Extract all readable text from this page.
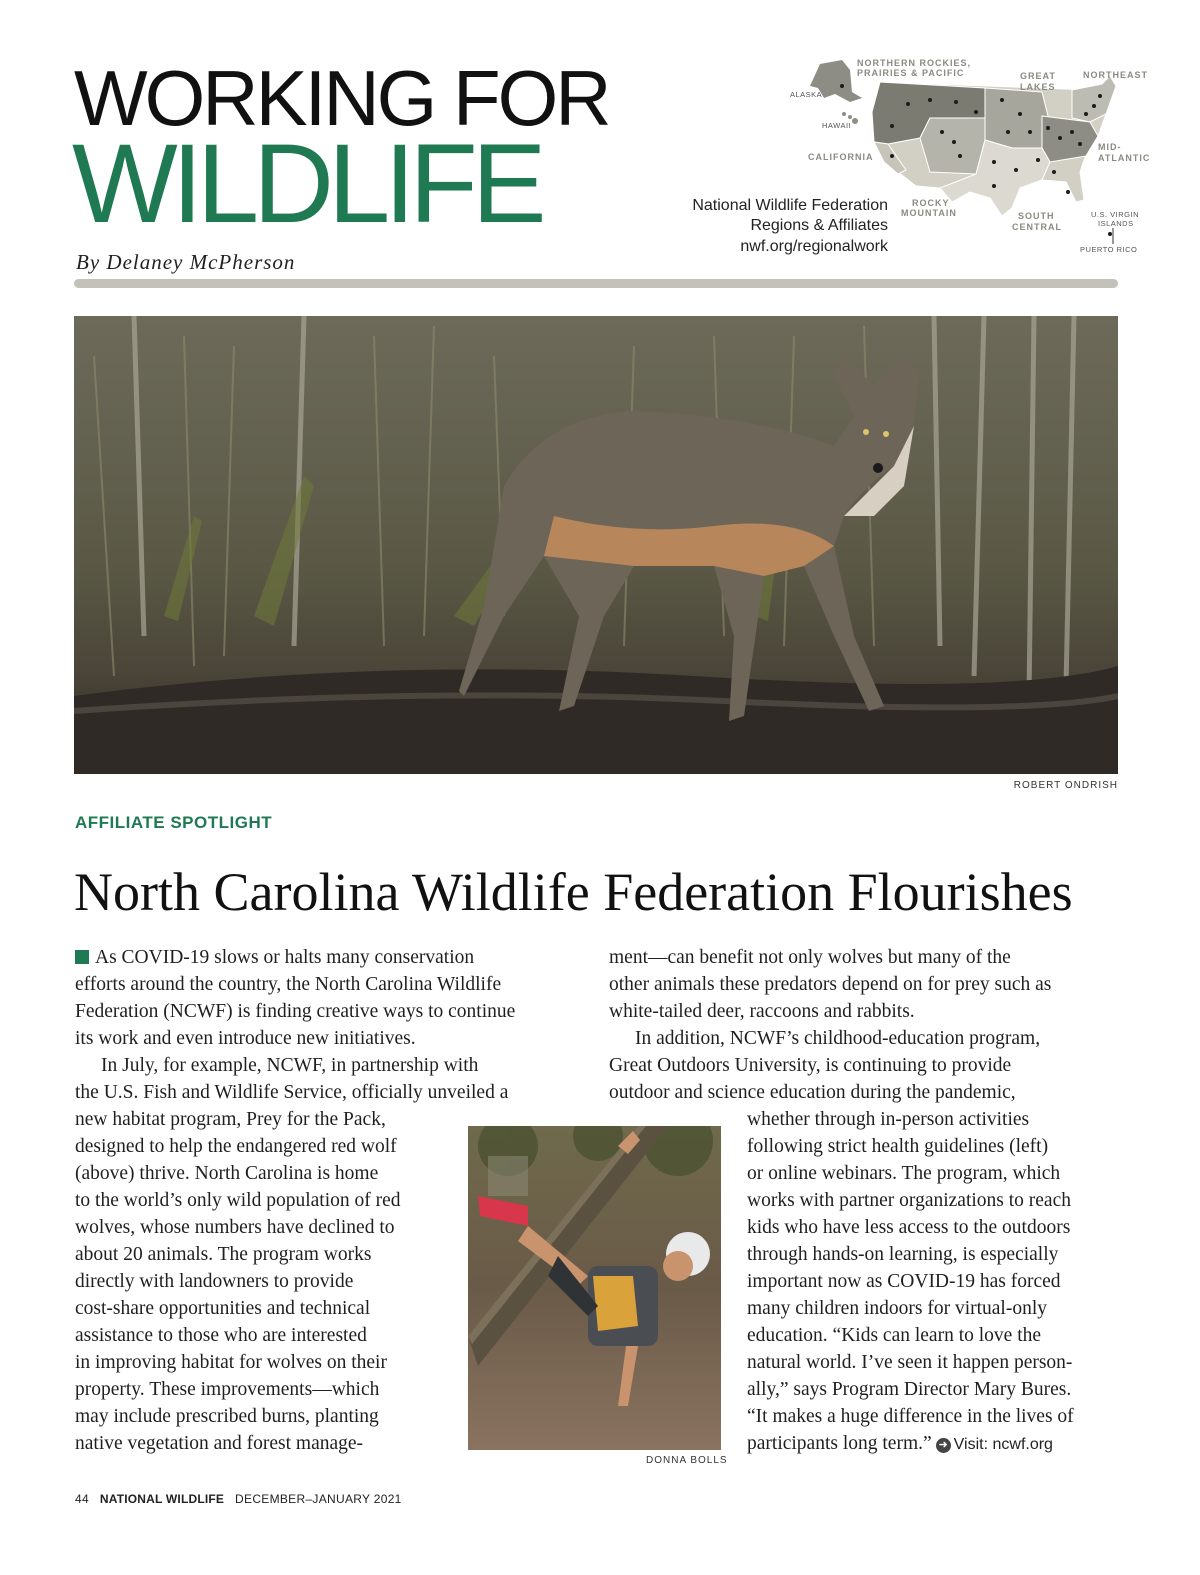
WORKING FOR
WILDLIFE
By Delaney McPherson
National Wildlife Federation
Regions & Affiliates
nwf.org/regionalwork
NORTHERN ROCKIES,
PRAIRIES & PACIFIC	GREAT
LAKES
NORTHEAST
ALASKA
HAWAII
CALIFORNIA
MID-
ATLANTIC
ROCKY
MOUNTAIN	SOUTH
CENTRAL
U.S. VIRGIN
ISLANDS
PUERTO RICO
ROBERT ONDRISH
AFFILIATE SPOTLIGHT
North Carolina Wildlife Federation Flourishes

As COVID-19 slows or halts many conservation

efforts around the country, the North Carolina Wildlife

Federation (NCWF) is finding creative ways to continue

its work and even introduce new initiatives.

In July, for example, NCWF, in partnership with

the U.S. Fish and Wildlife Service, officially unveiled a

new habitat program, Prey for the Pack,

designed to help the endangered red wolf

(above) thrive. North Carolina is home

to the world’s only wild population of red

wolves, whose numbers have declined to

about 20 animals. The program works

directly with landowners to provide

cost-share opportunities and technical

assistance to those who are interested

in improving habitat for wolves on their

property. These improvements—which

may include prescribed burns, planting

native vegetation and forest manage-

ment—can benefit not only wolves but many of the

other animals these predators depend on for prey such as

white-tailed deer, raccoons and rabbits.

In addition, NCWF’s childhood-education program,

Great Outdoors University, is continuing to provide

outdoor and science education during the pandemic,

whether through in-person activities

following strict health guidelines (left)

or online webinars. The program, which

works with partner organizations to reach

kids who have less access to the outdoors

through hands-on learning, is especially

important now as COVID-19 has forced

many children indoors for virtual-only

education. “Kids can learn to love the

natural world. I’ve seen it happen person-

ally,” says Program Director Mary Bures.

“It makes a huge difference in the lives of

participants long term.” ➜ Visit: ncwf.org

DONNA BOLLS
44 NATIONAL WILDLIFE DECEMBER–JANUARY 2021
